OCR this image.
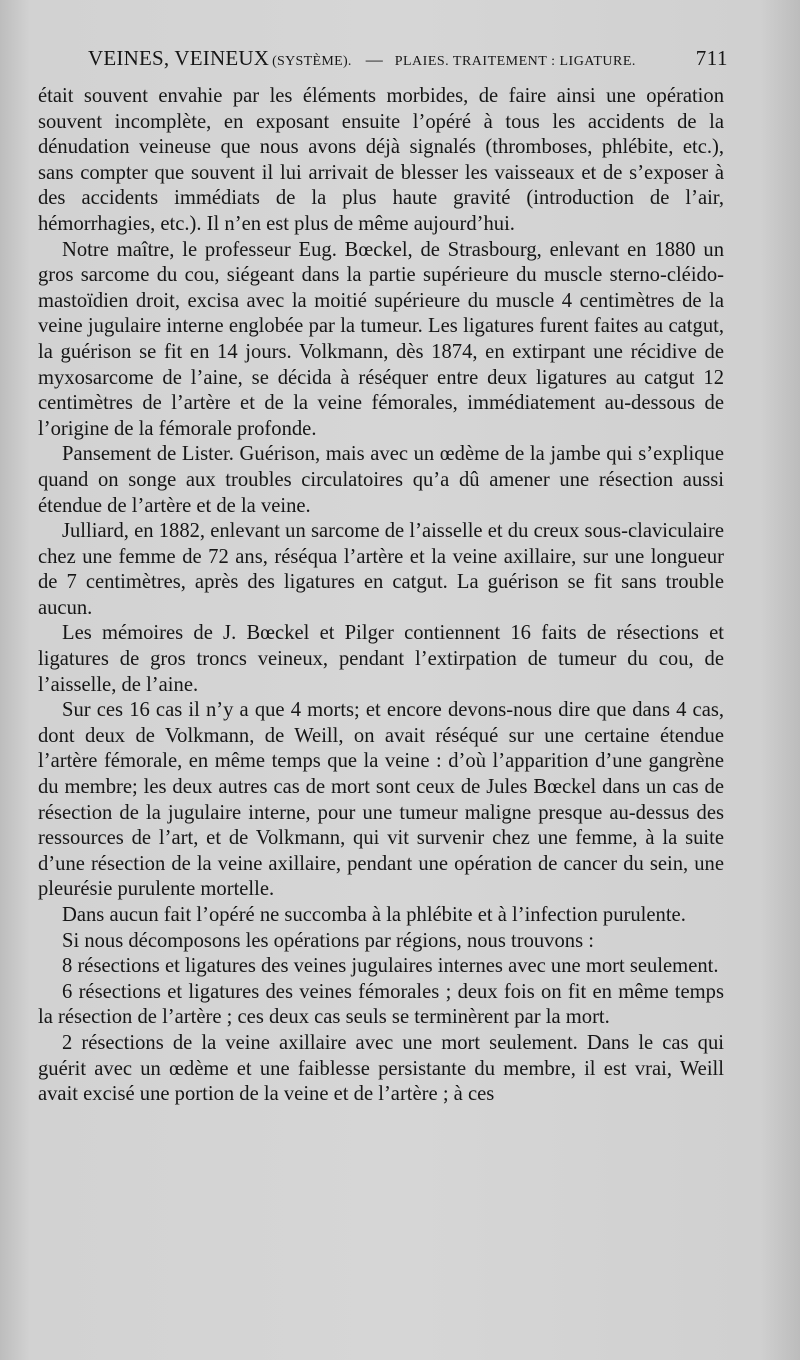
VEINES, VEINEUX (SYSTÈME). — PLAIES. TRAITEMENT : LIGATURE.	711

était souvent envahie par les éléments morbides, de faire ainsi une opération souvent incomplète, en exposant ensuite l’opéré à tous les accidents de la dénudation veineuse que nous avons déjà signalés (thromboses, phlébite, etc.), sans compter que souvent il lui arrivait de blesser les vaisseaux et de s’exposer à des accidents immédiats de la plus haute gravité (introduction de l’air, hémorrhagies, etc.). Il n’en est plus de même aujourd’hui.

Notre maître, le professeur Eug. Bœckel, de Strasbourg, enlevant en 1880 un gros sarcome du cou, siégeant dans la partie supérieure du muscle sterno-cléido-mastoïdien droit, excisa avec la moitié supérieure du muscle 4 centimètres de la veine jugulaire interne englobée par la tumeur. Les ligatures furent faites au catgut, la guérison se fit en 14 jours. Volkmann, dès 1874, en extirpant une récidive de myxosarcome de l’aine, se décida à réséquer entre deux ligatures au catgut 12 centimètres de l’artère et de la veine fémorales, immédiatement au-dessous de l’origine de la fémorale profonde.

Pansement de Lister. Guérison, mais avec un œdème de la jambe qui s’explique quand on songe aux troubles circulatoires qu’a dû amener une résection aussi étendue de l’artère et de la veine.

Julliard, en 1882, enlevant un sarcome de l’aisselle et du creux sous-claviculaire chez une femme de 72 ans, réséqua l’artère et la veine axillaire, sur une longueur de 7 centimètres, après des ligatures en catgut. La guérison se fit sans trouble aucun.

Les mémoires de J. Bœckel et Pilger contiennent 16 faits de résections et ligatures de gros troncs veineux, pendant l’extirpation de tumeur du cou, de l’aisselle, de l’aine.

Sur ces 16 cas il n’y a que 4 morts; et encore devons-nous dire que dans 4 cas, dont deux de Volkmann, de Weill, on avait réséqué sur une certaine étendue l’artère fémorale, en même temps que la veine : d’où l’apparition d’une gangrène du membre; les deux autres cas de mort sont ceux de Jules Bœckel dans un cas de résection de la jugulaire interne, pour une tumeur maligne presque au-dessus des ressources de l’art, et de Volkmann, qui vit survenir chez une femme, à la suite d’une résection de la veine axillaire, pendant une opération de cancer du sein, une pleurésie purulente mortelle.

Dans aucun fait l’opéré ne succomba à la phlébite et à l’infection purulente.

Si nous décomposons les opérations par régions, nous trouvons :

8 résections et ligatures des veines jugulaires internes avec une mort seulement.

6 résections et ligatures des veines fémorales ; deux fois on fit en même temps la résection de l’artère ; ces deux cas seuls se terminèrent par la mort.

2 résections de la veine axillaire avec une mort seulement. Dans le cas qui guérit avec un œdème et une faiblesse persistante du membre, il est vrai, Weill avait excisé une portion de la veine et de l’artère ; à ces
